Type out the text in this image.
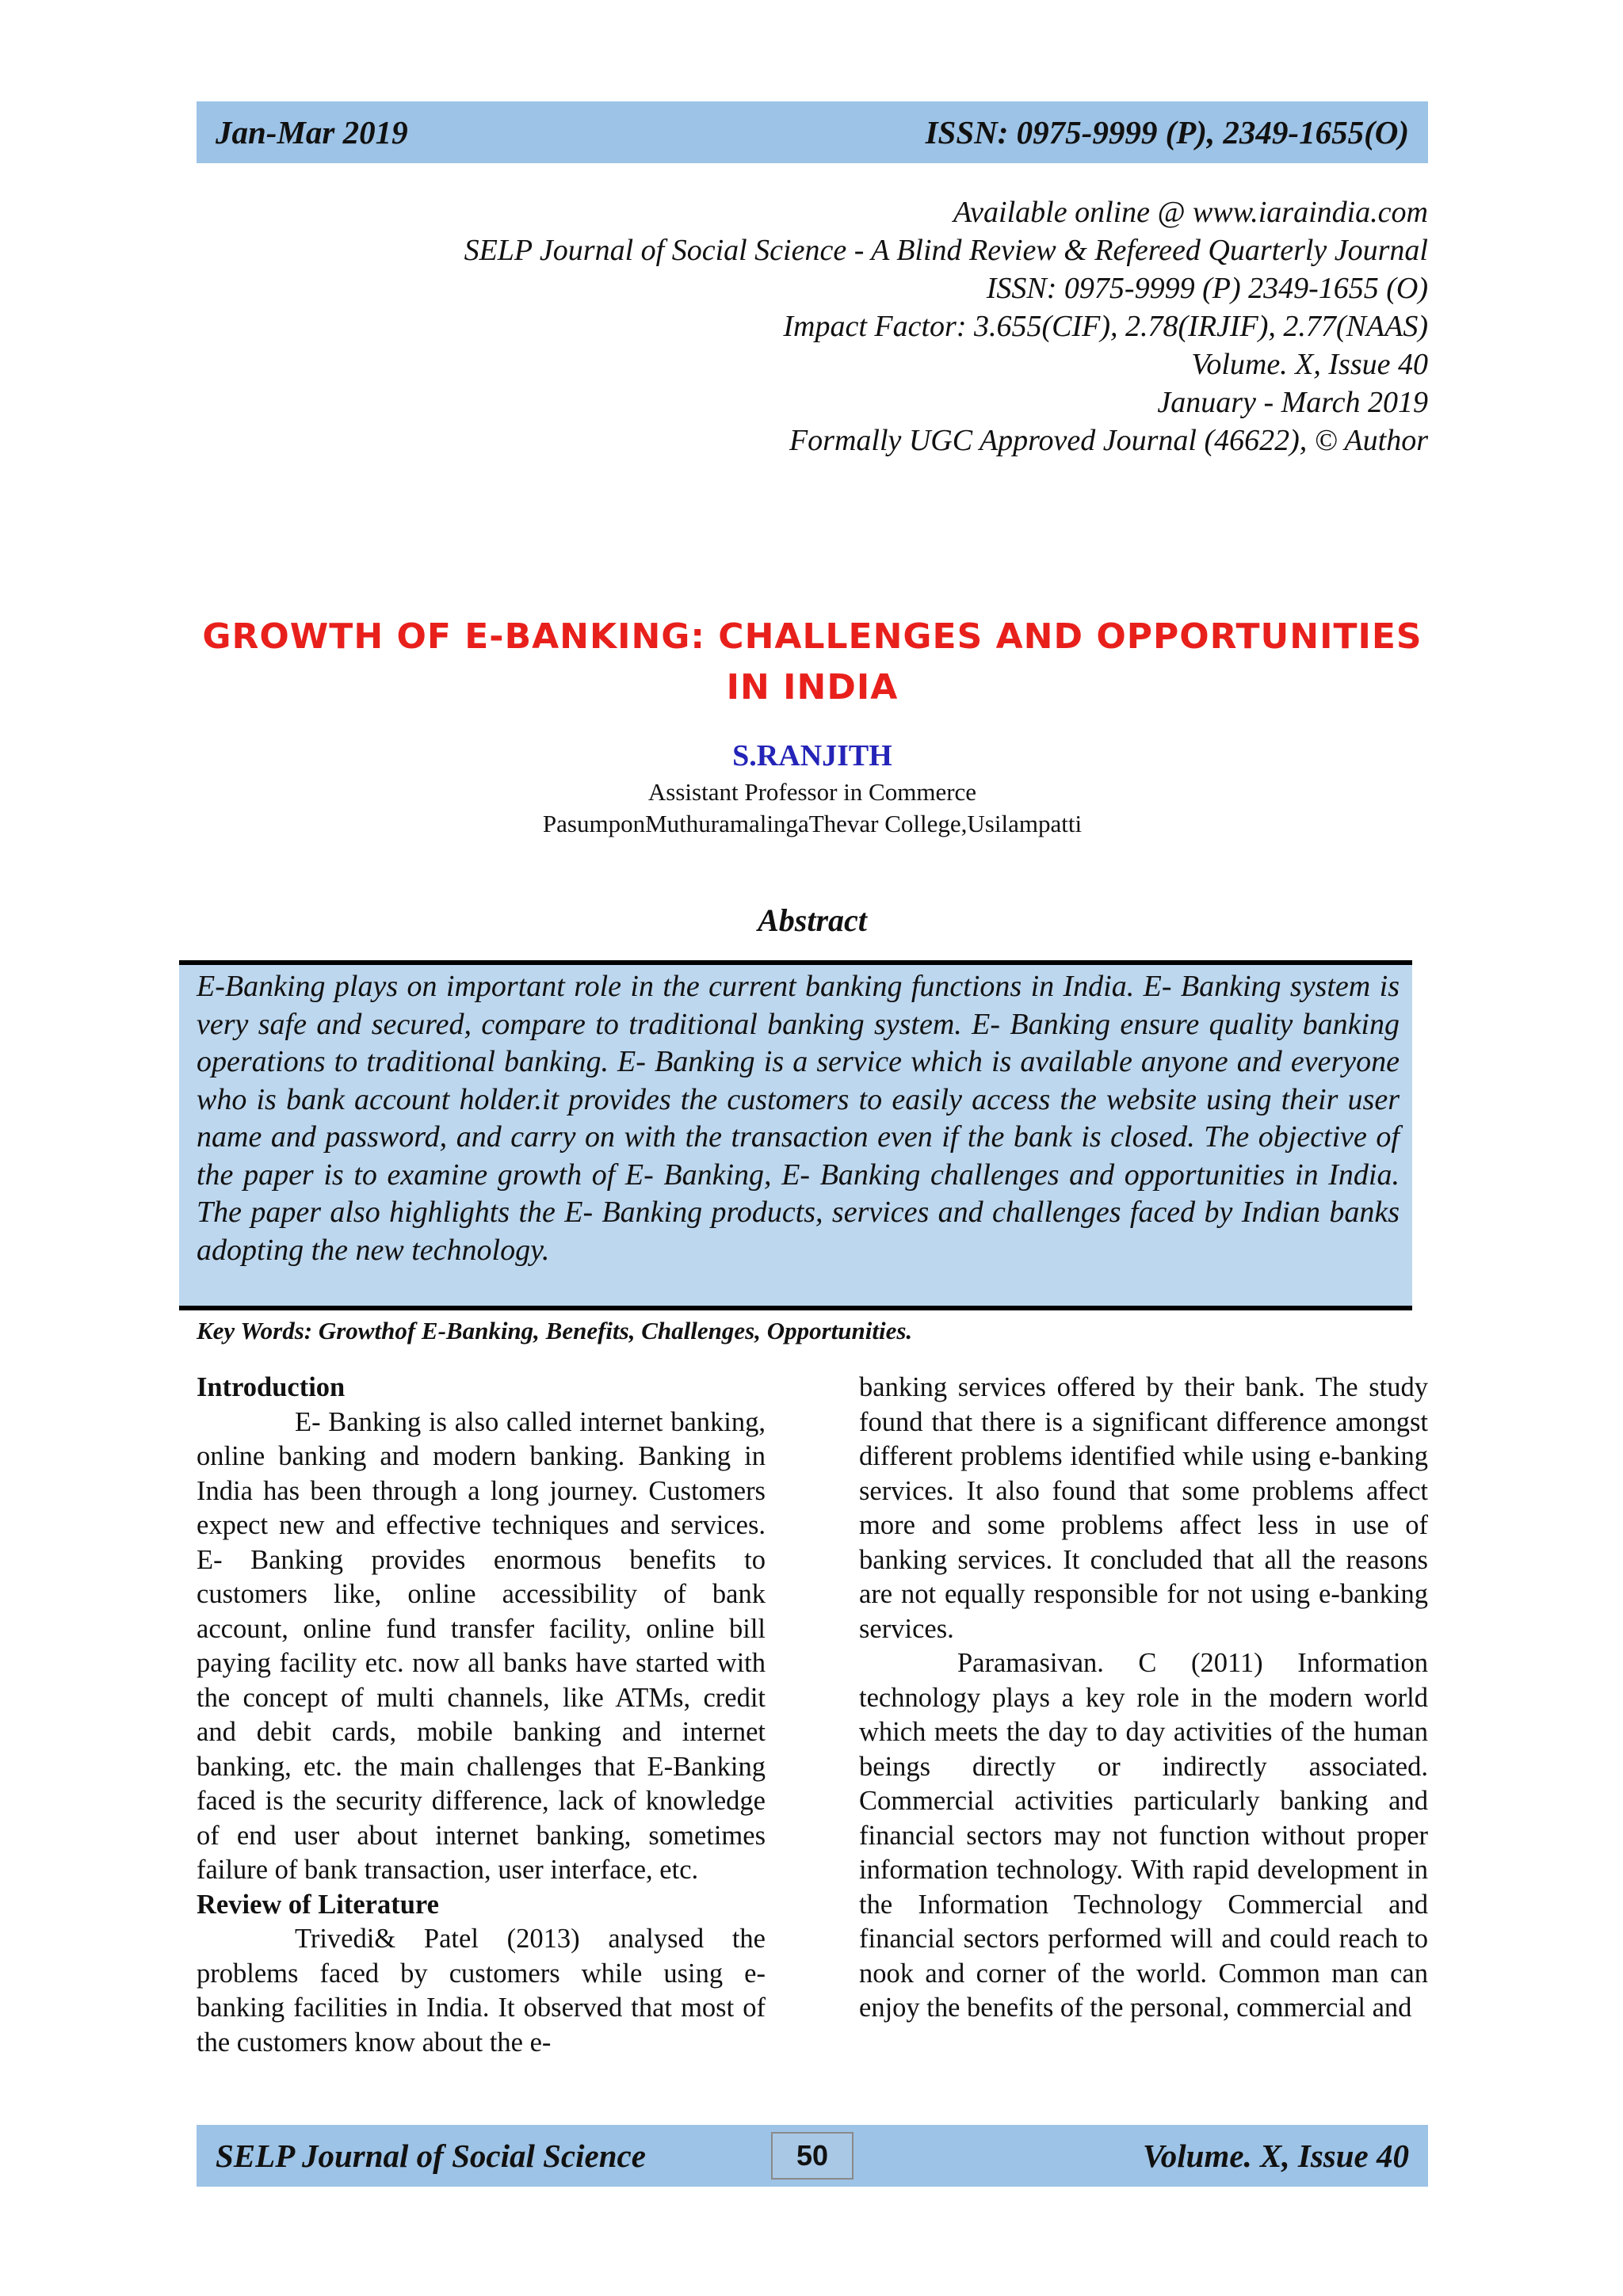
Jan-Mar 2019	ISSN: 0975-9999 (P), 2349-1655(O)
Available online @ www.iaraindia.com
SELP Journal of Social Science - A Blind Review & Refereed Quarterly Journal
ISSN: 0975-9999 (P) 2349-1655 (O)
Impact Factor: 3.655(CIF), 2.78(IRJIF), 2.77(NAAS)
Volume. X, Issue 40
January - March 2019
Formally UGC Approved Journal (46622), © Author
GROWTH OF E-BANKING: CHALLENGES AND OPPORTUNITIES
IN INDIA
S.RANJITH
Assistant Professor in Commerce
PasumponMuthuramalingaThevar College,Usilampatti
Abstract
E-Banking plays on important role in the current banking functions in India. E- Banking system is very safe and secured, compare to traditional banking system. E- Banking ensure quality banking operations to traditional banking. E- Banking is a service which is available anyone and everyone who is bank account holder.it provides the customers to easily access the website using their user name and password, and carry on with the transaction even if the bank is closed. The objective of the paper is to examine growth of E- Banking, E- Banking challenges and opportunities in India. The paper also highlights the E- Banking products, services and challenges faced by Indian banks adopting the new technology.
Key Words: Growthof E-Banking, Benefits, Challenges, Opportunities.
Introduction

E- Banking is also called internet banking, online banking and modern banking. Banking in India has been through a long journey. Customers expect new and effective techniques and services. E- Banking provides enormous benefits to customers like, online accessibility of bank account, online fund transfer facility, online bill paying facility etc. now all banks have started with the concept of multi channels, like ATMs, credit and debit cards, mobile banking and internet banking, etc. the main challenges that E-Banking faced is the security difference, lack of knowledge of end user about internet banking, sometimes failure of bank transaction, user interface, etc.

Review of Literature

Trivedi& Patel (2013) analysed the problems faced by customers while using e-banking facilities in India. It observed that most of the customers know about the e-

banking services offered by their bank. The study found that there is a significant difference amongst different problems identified while using e-banking services. It also found that some problems affect more and some problems affect less in use of banking services. It concluded that all the reasons are not equally responsible for not using e-banking services.

Paramasivan. C (2011) Information technology plays a key role in the modern world which meets the day to day activities of the human beings directly or indirectly associated. Commercial activities particularly banking and financial sectors may not function without proper information technology. With rapid development in the Information Technology Commercial and financial sectors performed will and could reach to nook and corner of the world. Common man can enjoy the benefits of the personal, commercial and

SELP Journal of Social Science	50	Volume. X, Issue 40
